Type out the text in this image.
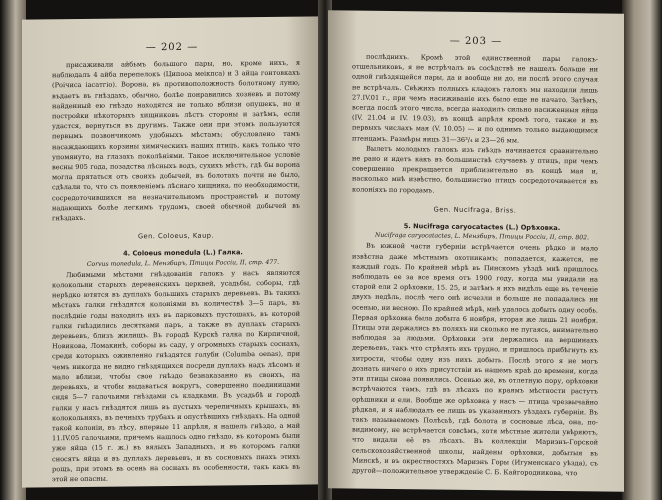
— 202 —

присаживали айбьмъ большого пары, но, кроме нихъ, я наблюдалъ 4 айба перепелокъ (Ципооа меікпса) и 3 айца гонтовкахъ (Роічиса іасатгіо). Ворона, въ противоположность болотному луню, въдаетъ въ гнѣздахъ, обычно, болѣе понравились хозяевъ и потому найденный ею гнѣздо находятся не только вблизи опушекъ, но и постройки нѣкоторыхъ хищниковъ лѣстъ стороны и затѣмъ, если удастся, вернуться въ другимъ. Также они при этомъ пользуются первымъ позвончикомъ удобныхъ мѣстамъ; обусловлено тамъ насаждающихъ корзины химическихъ наших птицъ, какъ только что упомянуто, на глазахъ поколѣніями. Такое исключительное условіе весны 905 года, позадства лѣсныхъ водъ, сухихъ мѣстъ, гдѣ бы ворона могла прятаться отъ своихъ добычей, въ болотахъ почти не было, сдѣлали то, что съ появленіемъ лѣснаго хищника, по необходимости, сосредоточившихся на незначительномъ пространствѣ и потому надающихъ болѣе легкимъ трудомъ, своей обычной добычей въ гнѣздахъ.

Gen. Coloeus, Kaup.

4. Coloeus monedula (L.) Галка.

Corvus monedula, L. Мензбиръ, Птицы Россіи, II, стр. 477.

Любимыми мѣстами гнѣздованія галокъ у насъ являются колокольни старыхъ деревенскихъ церквей, усадьбы, соборы, гдѣ нерѣдко ютятся въ дуплахъ большихъ старыхъ деревьевъ. Въ такихъ мѣстахъ галки гнѣздятся колоніями въ количествѣ 3—5 паръ, въ послѣдніе годы находилъ ихъ въ парковыхъ пустошахъ, въ которой галки гнѣздились десятками паръ, а также въ дуплахъ старыхъ деревьевъ, близъ жилищъ. Въ городѣ Курскѣ галка по Кирпичной, Новикова, Ломакинѣ, соборы въ саду, у огромныхъ старыхъ соснахъ, среди которыхъ оживленно гнѣздятся голуби (Columba oenas), при чемъ никогда не видно гнѣздящихся посреди дуплахъ надъ лѣсомъ и мало вблизи, чтобы свое гнѣздо безнаказанно въ своихъ, на деревьяхъ, и чтобы выдаваться вокругъ, совершенно поединицами сидя 5—7 галочьими гнѣздами съ кладками. Въ усадьбѣ и городѣ галки у насъ гнѣздятся лишь въ пустыхъ черепичныхъ крышахъ, въ колокольняхъ, въ печныхъ трубахъ и опустѣвшихъ гнѣздахъ. На одной такой колоніи, въ лѣсу, впервые 11 апрѣля, я нашелъ гнѣздо, а май 11.IV.05 галочьими, причемъ нашлось одно гнѣздо, въ которомъ были уже яйца (15 г. ж.) въ вялыхъ Западныхъ, и въ которомъ галки сносятъ яйца и въ дуплахъ деревьевъ, и въ сосновыхъ пнахъ этихъ рощъ, при этомъ вь осень на соснахъ въ особенности, такъ какъ въ этой не опасны.

— 203 —

послѣднихъ. Кромѣ этой единственной пары галокъ-отшельниковъ, я не встрѣчалъ въ сосѣдствѣ не нашелъ больше ни одной гнѣздящейся пары, да и вообще ни до, ни послѣ этого случая не встрѣчалъ. Свѣжихъ полныхъ кладокъ галокъ мы находили лишь 27.IV.01 г., при чемъ насиживаніе ихъ было еще не начато. Затѣмъ, всегда послѣ этого числа, всегда находилъ сильно насиженныя яйца (IV. 21.04 и IV. 19.03), въ концѣ апрѣля кромѣ того, также и въ первыхъ числахъ мая (V. 10.05) — и по однимъ только выдающимся птенцамъ. Размѣры яицъ 31—36³/₄ и 23—26 мм.

Вылетъ молодыхъ галокъ изъ гнѣздъ начинается сравнительно не рано и идетъ какъ въ большинствѣ случаевъ у птицъ, при чемъ совершенно прекращается приблизительно въ концѣ мая и, насколько мнѣ извѣстно, большинство птицъ сосредоточивается въ колоніяхъ по городамъ.

Gen. Nucifraga, Briss.

5. Nucifraga caryocatactes (L.) Орѣховка.

Nucifraga caryocatactes, L. Мензбиръ, Птицы Россіи, II, стр. 802.

Въ южной части губерніи встрѣчается очень рѣдко и мало извѣстна даже мѣстнымъ охотникамъ; попадается, кажется, не каждый годъ. По крайней мѣрѣ въ Пинскомъ уѣздѣ мнѣ пришлось наблюдать ее за все время отъ 1900 году, когда мы увидали на старой ели 2 орѣховки, 15. 25, и затѣмъ я ихъ видѣлъ еще въ теченіе двухъ недѣль, послѣ чего онѣ исчезли и больше не попадались ни осенью, ни весною. По крайней мѣрѣ, мнѣ удалось добыть одну особь. Первая орѣховка была добыта 6 ноября, вторая же лишь 21 ноября. Птицы эти держались въ поляхъ ни сколько не пугаясь, внимательно наблюдая за людьми. Орѣховки эти держались на вершинахъ деревьевъ, такъ что стрѣлять ихъ трудно, и пришлось прибѣгнуть къ хитрости, чтобы одну изъ нихъ добыть. Послѣ этого я не могъ дознать ничего о ихъ присутствіи въ нашемъ краѣ до времени, когда эти птицы снова появились. Осенью же, въ отлетную пору, орѣховки встрѣчаются тамъ, гдѣ въ лѣсахъ по краямъ мѣстности растутъ орѣшники и ели. Вообще же орѣховка у насъ — птица чрезвычайно рѣдкая, и я наблюдалъ ее лишь въ указанныхъ уѣздахъ губерніи. Въ такъ называемомъ Полѣсьѣ, гдѣ болота и сосновые лѣса, она, по-видимому, не встрѣчается совсѣмъ, хотя мѣстные жители увѣряютъ, что видали её въ лѣсахъ. Въ коллекціи Мариэнъ-Горской сельскохозяйственной школы, найдены орѣховки, добытыя въ Минскѣ, и въ окрестностяхъ Мариэнъ Горы (Игуменскаго уѣзда), съ другой—положительное утвержденіе С. Б. Кайгородникова, что
